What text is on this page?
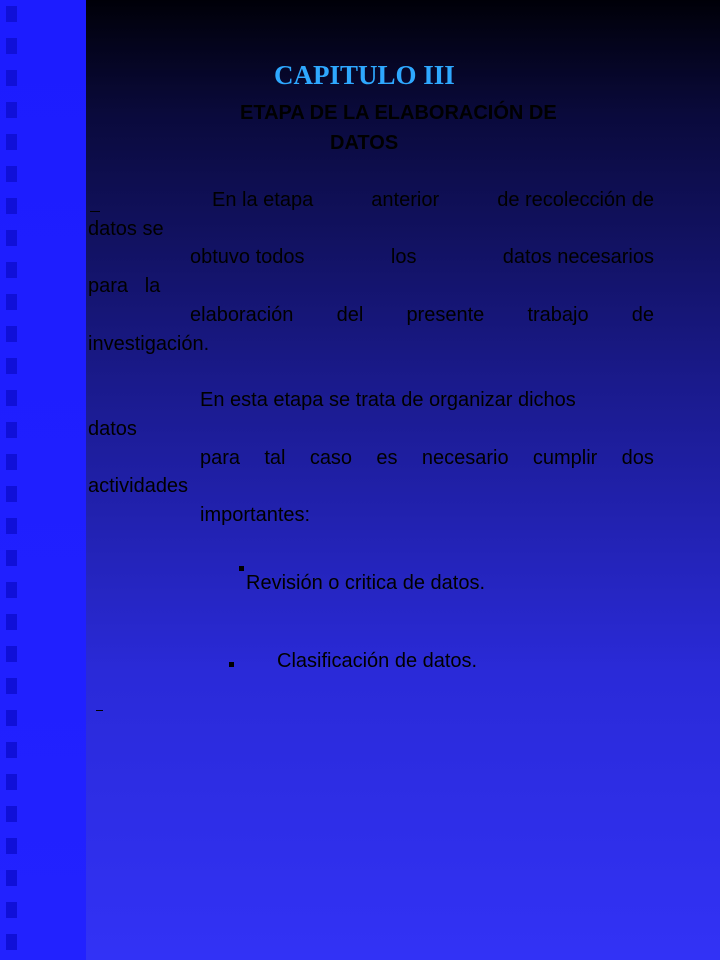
CAPITULO III
ETAPA DE LA ELABORACIÓN DE
DATOS
En la etapa	anterior	de recolección de
datos se
obtuvo todos	los	datos necesarios
para   la
elaboración del presente trabajo de
investigación.
En esta etapa se trata de organizar dichos
datos
para tal caso es necesario cumplir dos
actividades
importantes:
Revisión o critica de datos.
Clasificación de datos.
